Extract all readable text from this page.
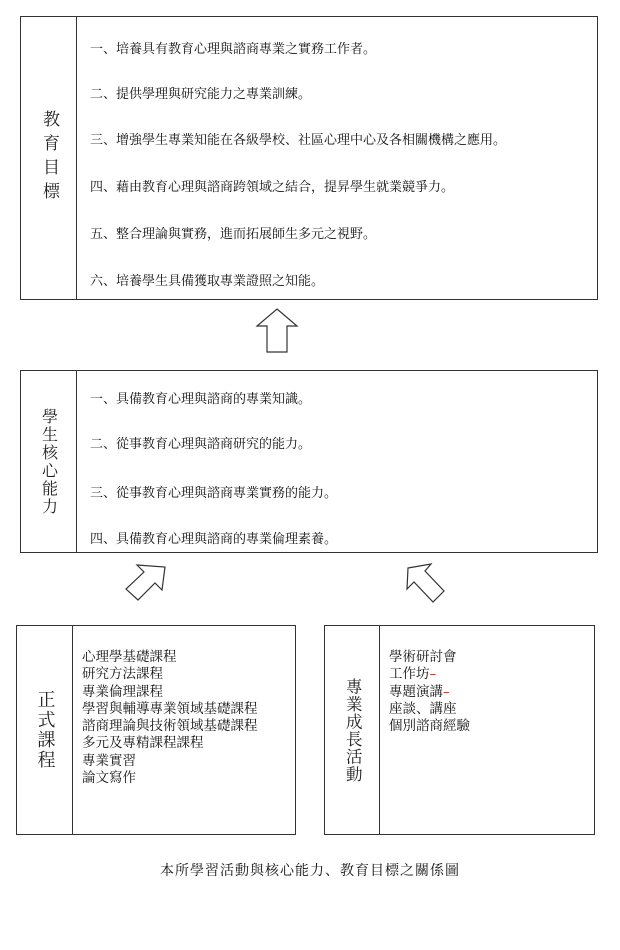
教育目標
一、培養具有教育心理與諮商專業之實務工作者。
二、提供學理與研究能力之專業訓練。
三、增強學生專業知能在各級學校、社區心理中心及各相關機構之應用。
四、藉由教育心理與諮商跨領域之結合，提昇學生就業競爭力。
五、整合理論與實務，進而拓展師生多元之視野。
六、培養學生具備獲取專業證照之知能。
學生核心能力
一、具備教育心理與諮商的專業知識。
二、從事教育心理與諮商研究的能力。
三、從事教育心理與諮商專業實務的能力。
四、具備教育心理與諮商的專業倫理素養。
正式課程
心理學基礎課程
研究方法課程
專業倫理課程
學習與輔導專業領域基礎課程
諮商理論與技術領域基礎課程
多元及專精課程課程
專業實習
論文寫作	專業成長活動
學術研討會
工作坊–
專題演講–
座談、講座
個別諮商經驗
本所學習活動與核心能力、教育目標之關係圖
